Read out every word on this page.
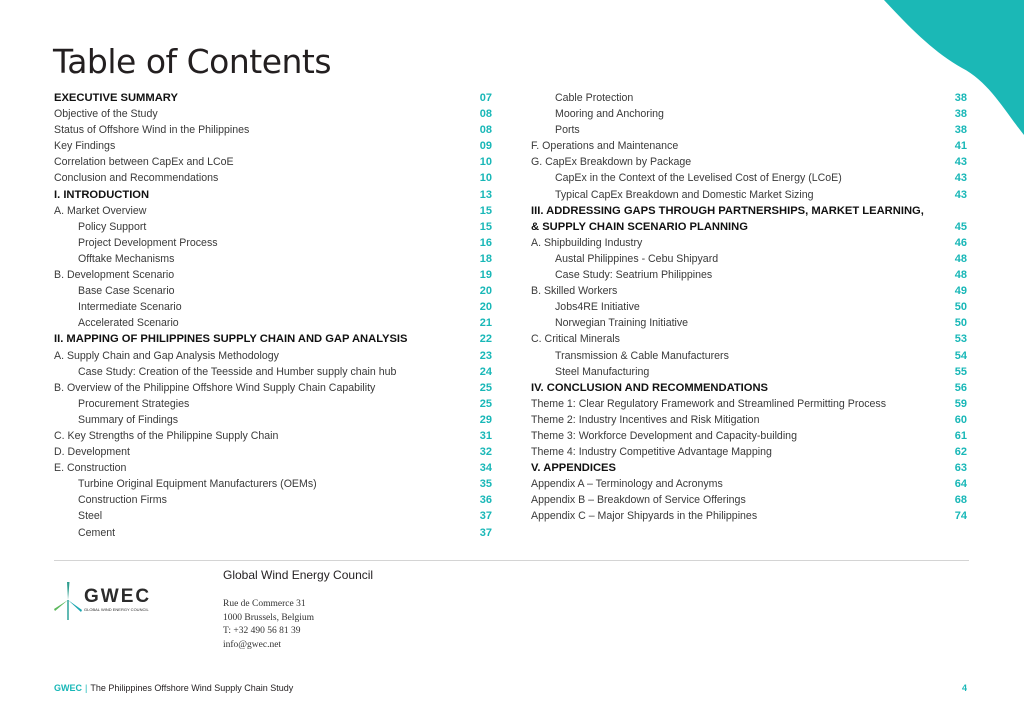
Table of Contents
EXECUTIVE SUMMARY	07
Objective of the Study	08
Status of Offshore Wind in the Philippines	08
Key Findings	09
Correlation between CapEx and LCoE	10
Conclusion and Recommendations	10
I. INTRODUCTION	13
A. Market Overview	15
Policy Support	15
Project Development Process	16
Offtake Mechanisms	18
B. Development Scenario	19
Base Case Scenario	20
Intermediate Scenario	20
Accelerated Scenario	21
II. MAPPING OF PHILIPPINES SUPPLY CHAIN AND GAP ANALYSIS	22
A. Supply Chain and Gap Analysis Methodology	23
Case Study: Creation of the Teesside and Humber supply chain hub	24
B. Overview of the Philippine Offshore Wind Supply Chain Capability	25
Procurement Strategies	25
Summary of Findings	29
C. Key Strengths of the Philippine Supply Chain	31
D. Development	32
E. Construction	34
Turbine Original Equipment Manufacturers (OEMs)	35
Construction Firms	36
Steel	37
Cement	37
Cable Protection	38
Mooring and Anchoring	38
Ports	38
F. Operations and Maintenance	41
G. CapEx Breakdown by Package	43
CapEx in the Context of the Levelised Cost of Energy (LCoE)	43
Typical CapEx Breakdown and Domestic Market Sizing	43
III. ADDRESSING GAPS THROUGH PARTNERSHIPS, MARKET LEARNING,
& SUPPLY CHAIN SCENARIO PLANNING	45
A. Shipbuilding Industry	46
Austal Philippines - Cebu Shipyard	48
Case Study: Seatrium Philippines	48
B. Skilled Workers	49
Jobs4RE Initiative	50
Norwegian Training Initiative	50
C. Critical Minerals	53
Transmission & Cable Manufacturers	54
Steel Manufacturing	55
IV. CONCLUSION AND RECOMMENDATIONS	56
Theme 1: Clear Regulatory Framework and Streamlined Permitting Process	59
Theme 2: Industry Incentives and Risk Mitigation	60
Theme 3: Workforce Development and Capacity-building	61
Theme 4: Industry Competitive Advantage Mapping	62
V. APPENDICES	63
Appendix A – Terminology and Acronyms	64
Appendix B – Breakdown of Service Offerings	68
Appendix C – Major Shipyards in the Philippines	74
GWEC
GLOBAL WIND ENERGY COUNCIL
Global Wind Energy Council
Rue de Commerce 31
1000 Brussels, Belgium
T: +32 490 56 81 39
info@gwec.net
GWEC | The Philippines Offshore Wind Supply Chain Study	4
